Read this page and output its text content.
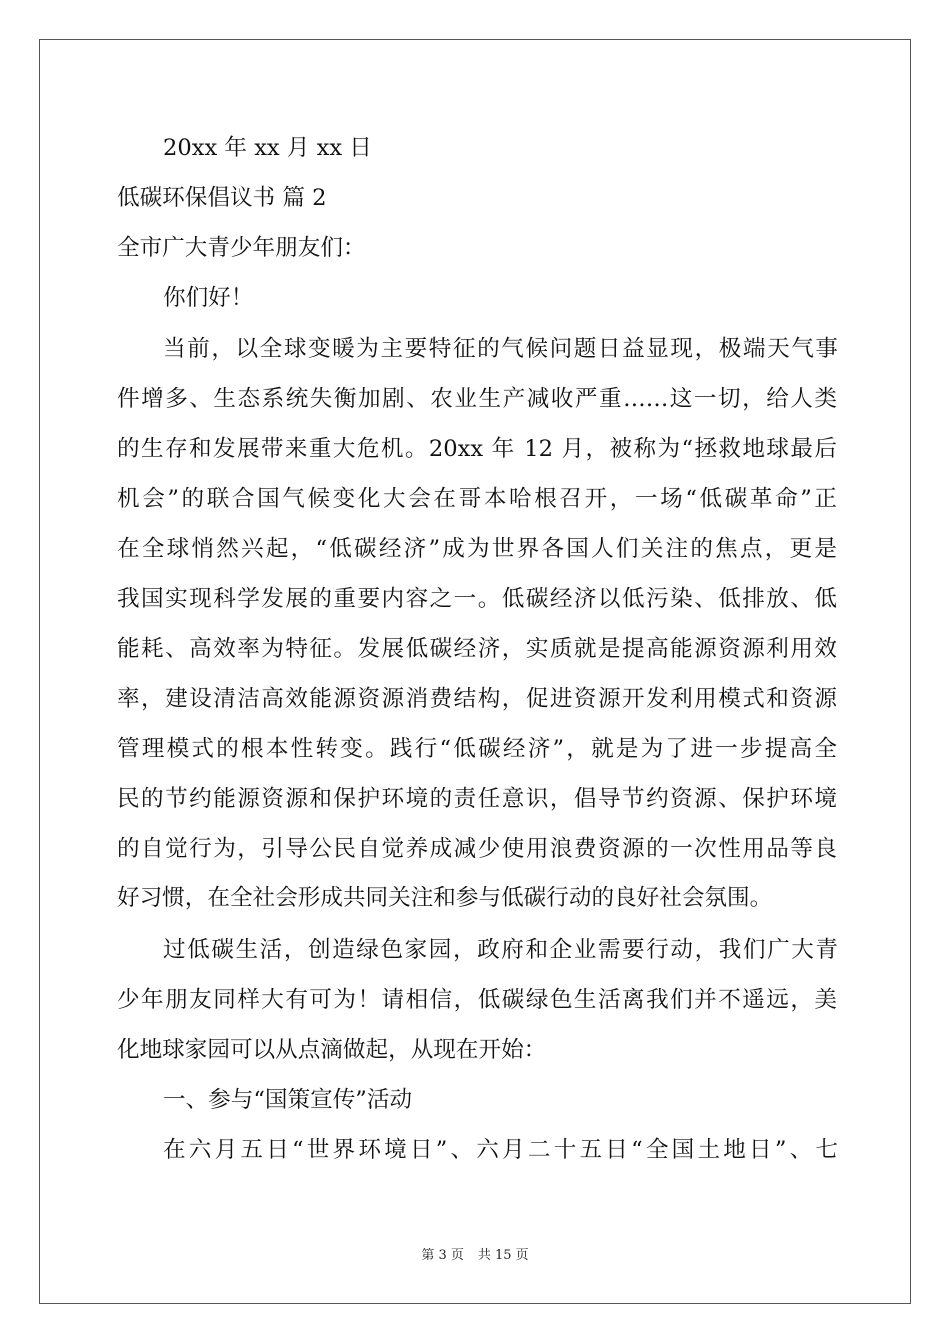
20xx 年 xx 月 xx 日
低碳环保倡议书 篇 2
全市广大青少年朋友们：
你们好！
当前，以全球变暖为主要特征的气候问题日益显现，极端天气事
件增多、生态系统失衡加剧、农业生产减收严重……这一切，给人类
的生存和发展带来重大危机。20xx 年 12 月，被称为“拯救地球最后
机会”的联合国气候变化大会在哥本哈根召开，一场“低碳革命”正
在全球悄然兴起，“低碳经济”成为世界各国人们关注的焦点，更是
我国实现科学发展的重要内容之一。低碳经济以低污染、低排放、低
能耗、高效率为特征。发展低碳经济，实质就是提高能源资源利用效
率，建设清洁高效能源资源消费结构，促进资源开发利用模式和资源
管理模式的根本性转变。践行“低碳经济”，就是为了进一步提高全
民的节约能源资源和保护环境的责任意识，倡导节约资源、保护环境
的自觉行为，引导公民自觉养成减少使用浪费资源的一次性用品等良
好习惯，在全社会形成共同关注和参与低碳行动的良好社会氛围。
过低碳生活，创造绿色家园，政府和企业需要行动，我们广大青
少年朋友同样大有可为！请相信，低碳绿色生活离我们并不遥远，美
化地球家园可以从点滴做起，从现在开始：
一、参与“国策宣传”活动
在六月五日“世界环境日”、六月二十五日“全国土地日”、七
第 3 页 共 15 页
